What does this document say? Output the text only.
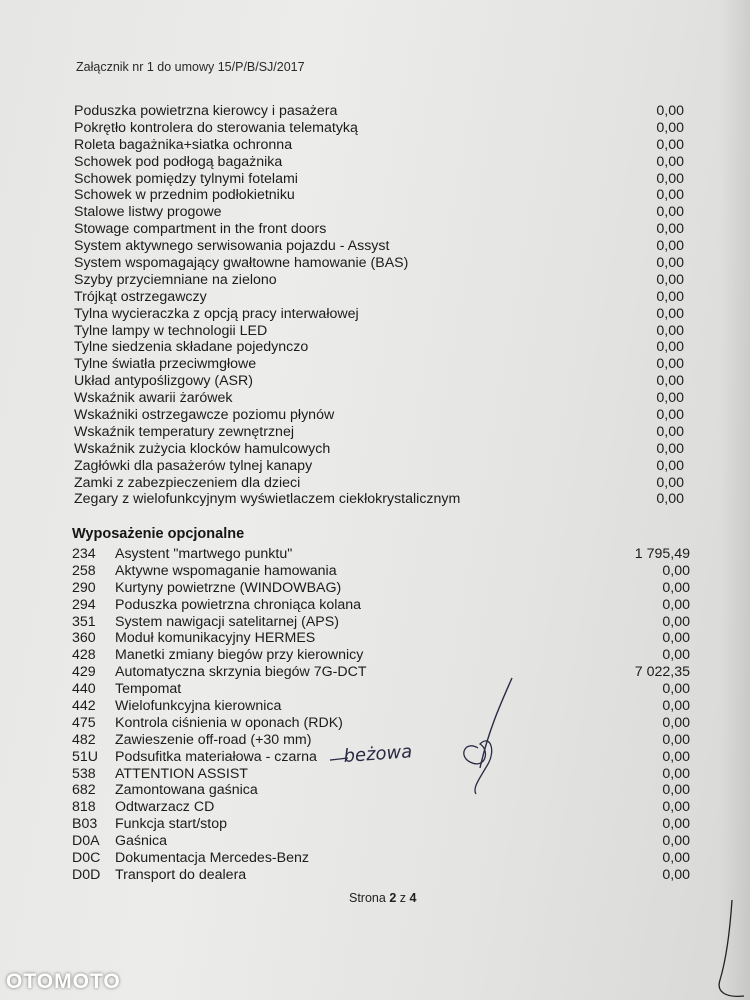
Załącznik nr 1 do umowy 15/P/B/SJ/2017
Poduszka powietrzna kierowcy i pasażera	0,00
Pokrętło kontrolera do sterowania telematyką	0,00
Roleta bagażnika+siatka ochronna	0,00
Schowek pod podłogą bagażnika	0,00
Schowek pomiędzy tylnymi fotelami	0,00
Schowek w przednim podłokietniku	0,00
Stalowe listwy progowe	0,00
Stowage compartment in the front doors	0,00
System aktywnego serwisowania pojazdu - Assyst	0,00
System wspomagający gwałtowne hamowanie (BAS)	0,00
Szyby przyciemniane na zielono	0,00
Trójkąt ostrzegawczy	0,00
Tylna wycieraczka z opcją pracy interwałowej	0,00
Tylne lampy w technologii LED	0,00
Tylne siedzenia składane pojedynczo	0,00
Tylne światła przeciwmgłowe	0,00
Układ antypoślizgowy (ASR)	0,00
Wskaźnik awarii żarówek	0,00
Wskaźniki ostrzegawcze poziomu płynów	0,00
Wskaźnik temperatury zewnętrznej	0,00
Wskaźnik zużycia klocków hamulcowych	0,00
Zagłówki dla pasażerów tylnej kanapy	0,00
Zamki z zabezpieczeniem dla dzieci	0,00
Zegary z wielofunkcyjnym wyświetlaczem ciekłokrystalicznym	0,00
Wyposażenie opcjonalne
234	Asystent "martwego punktu"	1 795,49
258	Aktywne wspomaganie hamowania	0,00
290	Kurtyny powietrzne (WINDOWBAG)	0,00
294	Poduszka powietrzna chroniąca kolana	0,00
351	System nawigacji satelitarnej (APS)	0,00
360	Moduł komunikacyjny HERMES	0,00
428	Manetki zmiany biegów przy kierownicy	0,00
429	Automatyczna skrzynia biegów 7G-DCT	7 022,35
440	Tempomat	0,00
442	Wielofunkcyjna kierownica	0,00
475	Kontrola ciśnienia w oponach (RDK)	0,00
482	Zawieszenie off-road (+30 mm)	0,00
51U	Podsufitka materiałowa - czarna	0,00
538	ATTENTION ASSIST	0,00
682	Zamontowana gaśnica	0,00
818	Odtwarzacz CD	0,00
B03	Funkcja start/stop	0,00
D0A	Gaśnica	0,00
D0C	Dokumentacja Mercedes-Benz	0,00
D0D	Transport do dealera	0,00
beżowa
Strona 2 z 4
OTOMOTO
